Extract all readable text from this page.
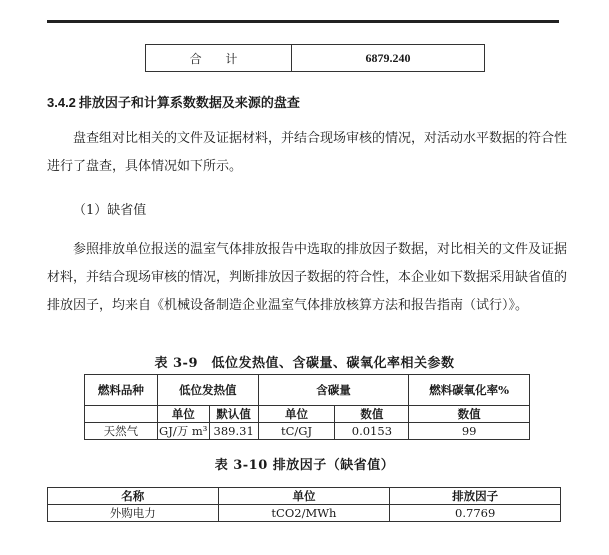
合 计	6879.240
3.4.2 排放因子和计算系数数据及来源的盘查

盘查组对比相关的文件及证据材料，并结合现场审核的情况，对活动水平数据的符合性进行了盘查，具体情况如下所示。

（1）缺省值

参照排放单位报送的温室气体排放报告中选取的排放因子数据，对比相关的文件及证据材料，并结合现场审核的情况，判断排放因子数据的符合性，本企业如下数据采用缺省值的排放因子，均来自《机械设备制造企业温室气体排放核算方法和报告指南（试行）》。

表 3-9　低位发热值、含碳量、碳氧化率相关参数
燃料品种	低位发热值		含碳量		燃料碳氧化率%
	单位	默认值	单位	数值	数值
天然气	GJ/万 m³	389.31	tC/GJ	0.0153	99
表 3-10 排放因子（缺省值）
名称	单位	排放因子
外购电力	tCO2/MWh	0.7769
